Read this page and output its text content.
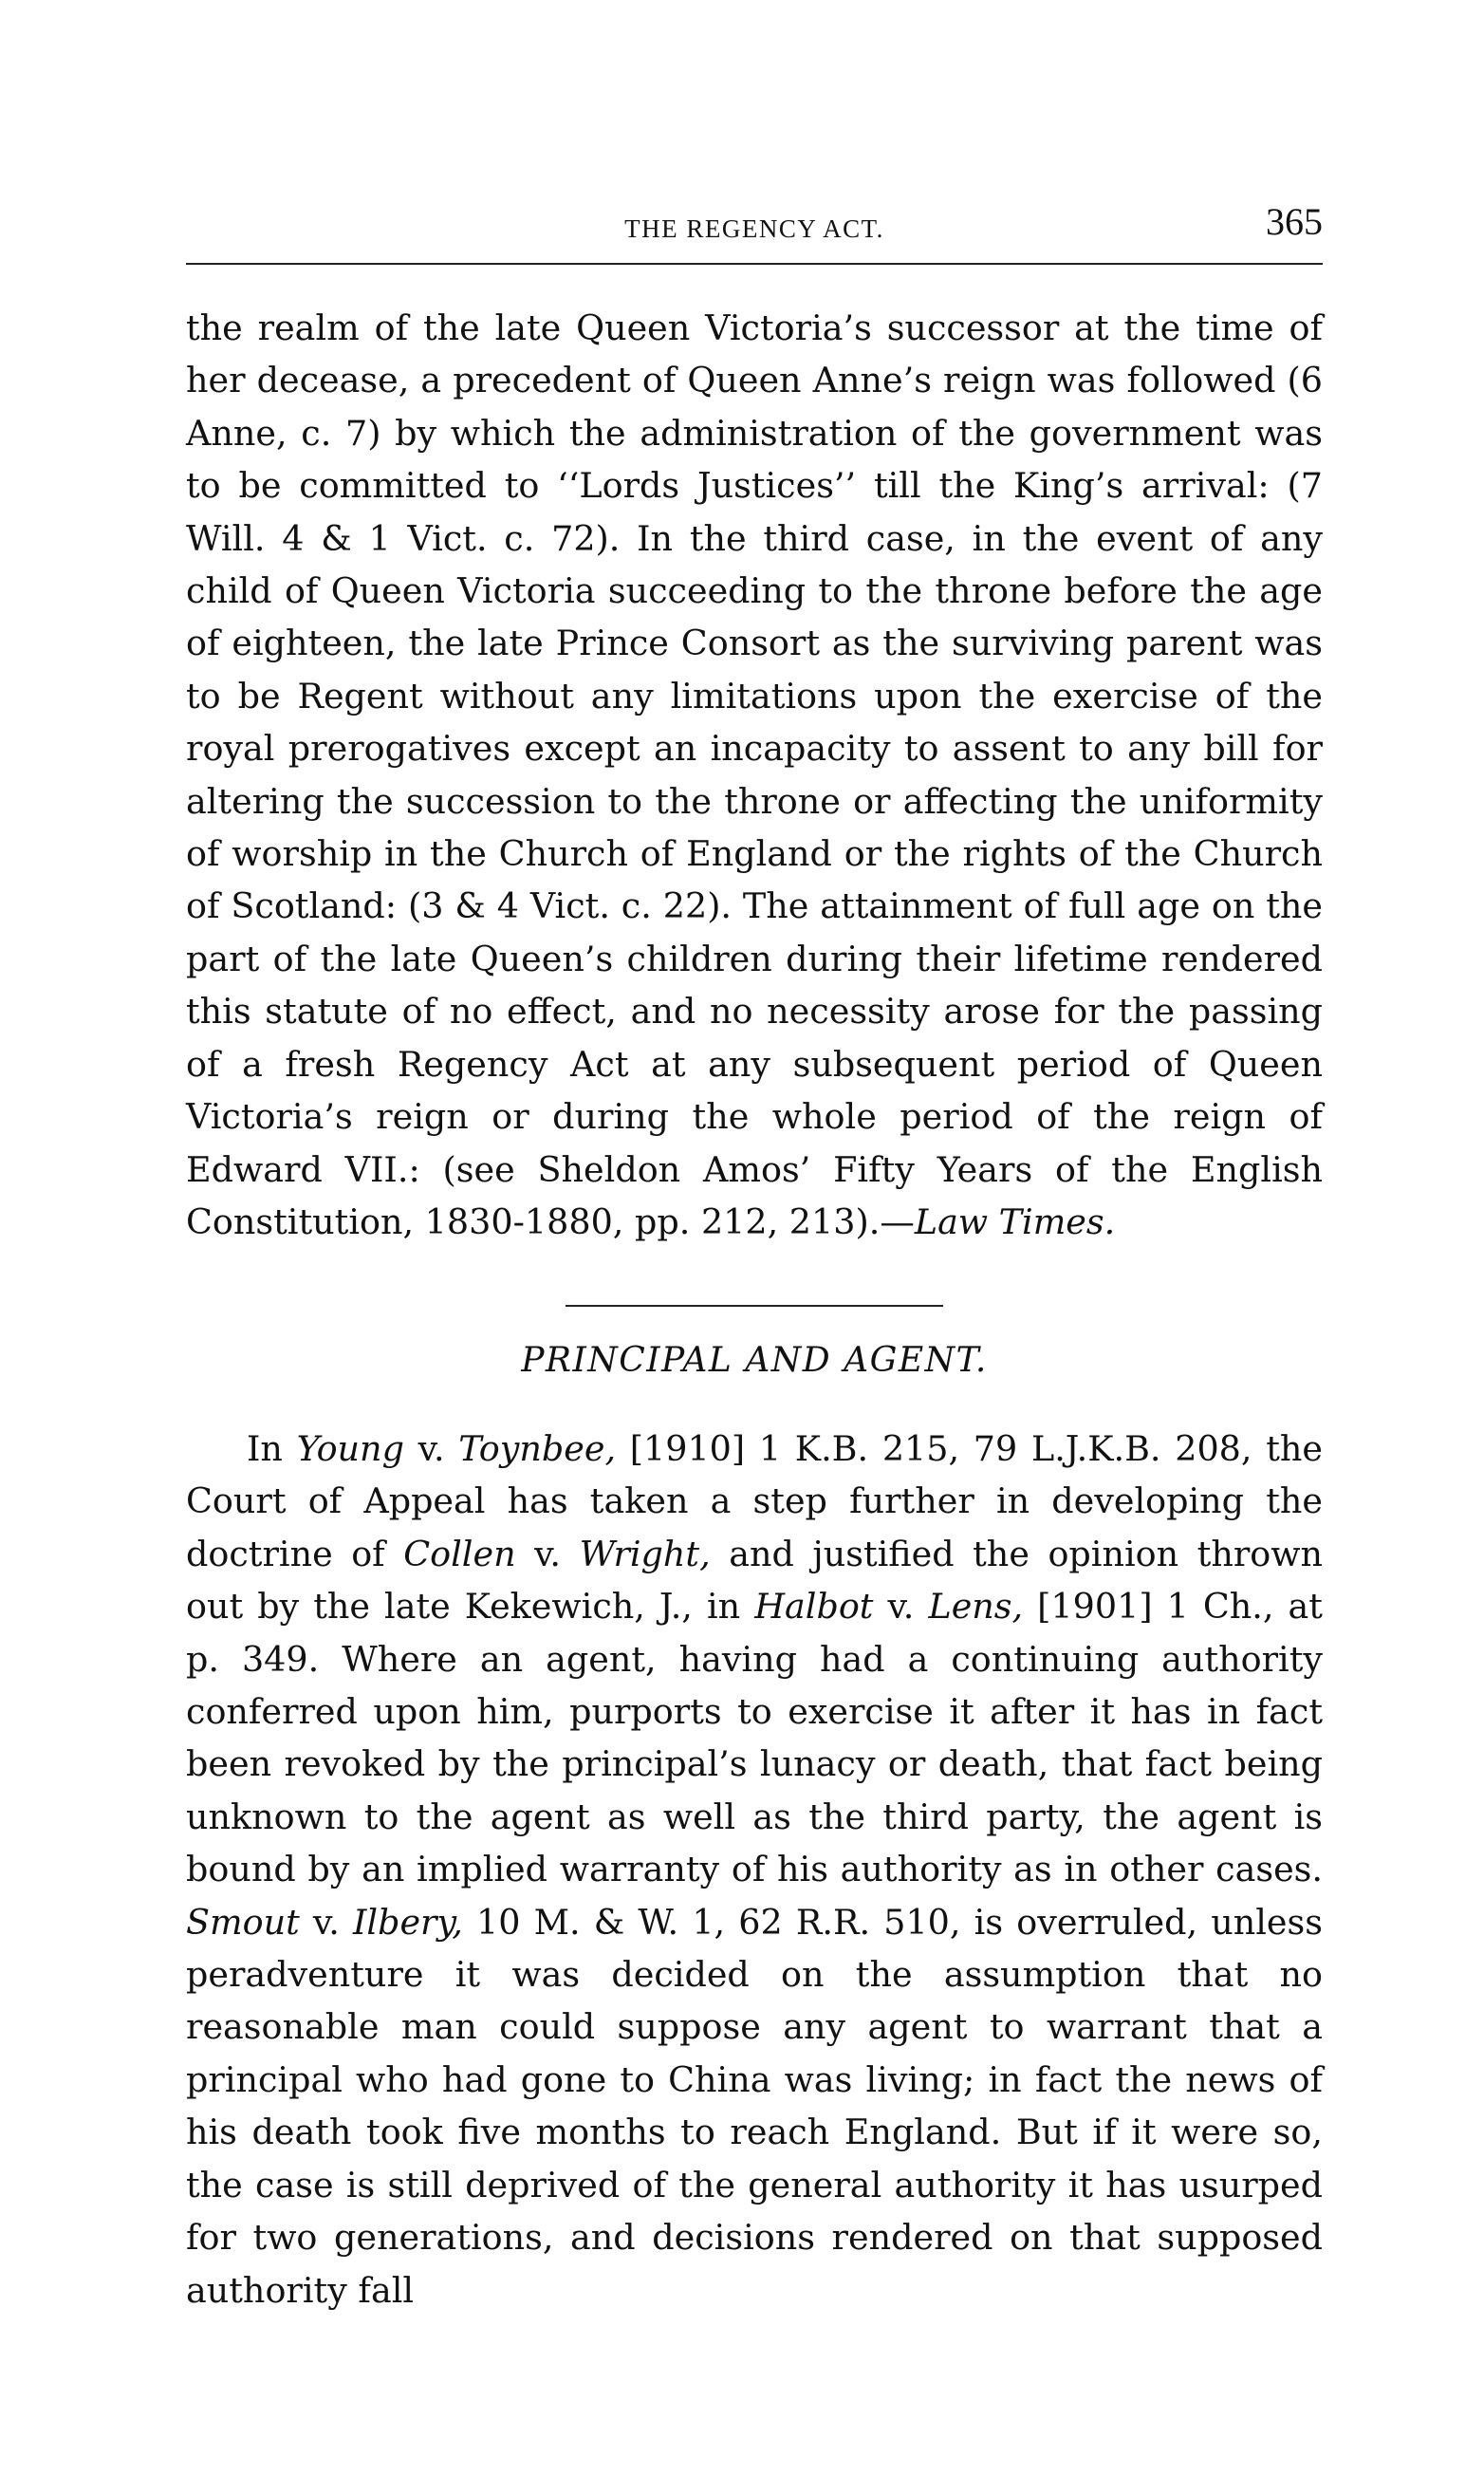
THE REGENCY ACT.	365

the realm of the late Queen Victoria’s successor at the time of her decease, a precedent of Queen Anne’s reign was followed (6 Anne, c. 7) by which the administration of the government was to be committed to ‘‘Lords Justices’’ till the King’s arrival: (7 Will. 4 & 1 Vict. c. 72). In the third case, in the event of any child of Queen Victoria succeeding to the throne before the age of eighteen, the late Prince Consort as the surviving parent was to be Regent without any limitations upon the exercise of the royal prerogatives except an incapacity to assent to any bill for altering the succession to the throne or affecting the uniformity of worship in the Church of England or the rights of the Church of Scotland: (3 & 4 Vict. c. 22). The attainment of full age on the part of the late Queen’s children during their lifetime rendered this statute of no effect, and no necessity arose for the passing of a fresh Regency Act at any subsequent period of Queen Victoria’s reign or during the whole period of the reign of Edward VII.: (see Sheldon Amos’ Fifty Years of the English Constitution, 1830-1880, pp. 212, 213).—Law Times.

PRINCIPAL AND AGENT.

In Young v. Toynbee, [1910] 1 K.B. 215, 79 L.J.K.B. 208, the Court of Appeal has taken a step further in developing the doctrine of Collen v. Wright, and justified the opinion thrown out by the late Kekewich, J., in Halbot v. Lens, [1901] 1 Ch., at p. 349. Where an agent, having had a continuing authority conferred upon him, purports to exercise it after it has in fact been revoked by the principal’s lunacy or death, that fact being unknown to the agent as well as the third party, the agent is bound by an implied warranty of his authority as in other cases. Smout v. Ilbery, 10 M. & W. 1, 62 R.R. 510, is overruled, unless peradventure it was decided on the assumption that no reasonable man could suppose any agent to warrant that a principal who had gone to China was living; in fact the news of his death took five months to reach England. But if it were so, the case is still deprived of the general authority it has usurped for two generations, and decisions rendered on that supposed authority fall
